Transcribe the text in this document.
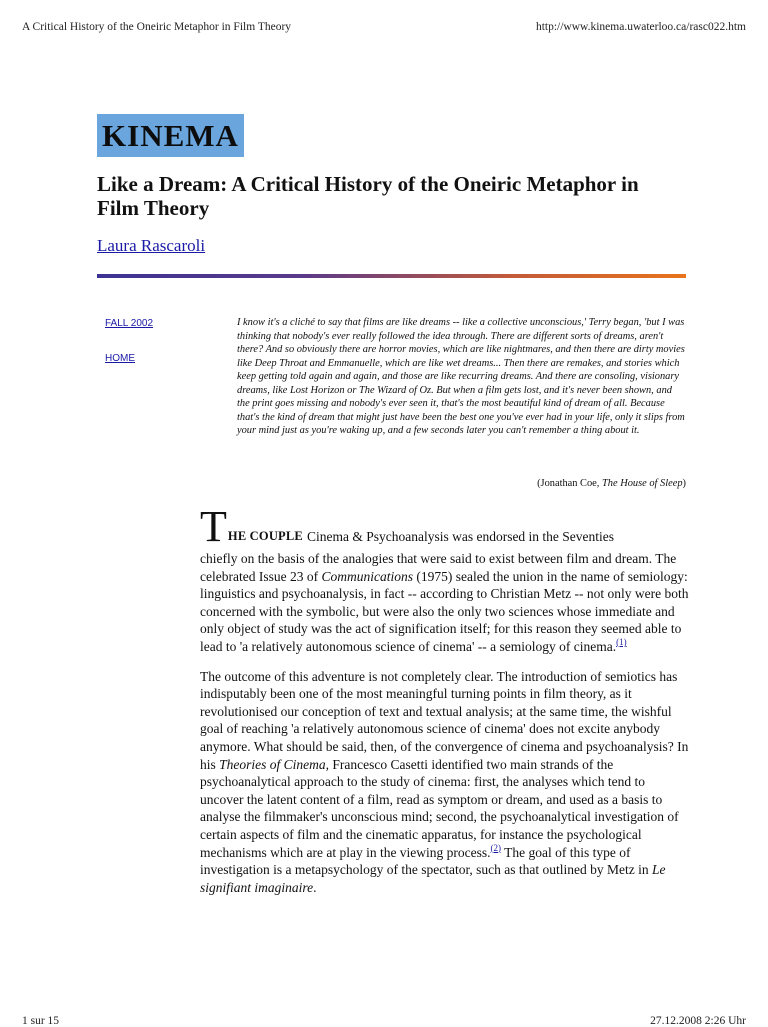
A Critical History of the Oneiric Metaphor in Film Theory	http://www.kinema.uwaterloo.ca/rasc022.htm
KINEMA
Like a Dream: A Critical History of the Oneiric Metaphor in Film Theory
Laura Rascaroli
FALL 2002
HOME

I know it's a cliché to say that films are like dreams -- like a collective unconscious,' Terry began, 'but I was thinking that nobody's ever really followed the idea through. There are different sorts of dreams, aren't there? And so obviously there are horror movies, which are like nightmares, and then there are dirty movies like Deep Throat and Emmanuelle, which are like wet dreams... Then there are remakes, and stories which keep getting told again and again, and those are like recurring dreams. And there are consoling, visionary dreams, like Lost Horizon or The Wizard of Oz. But when a film gets lost, and it's never been shown, and the print goes missing and nobody's ever seen it, that's the most beautiful kind of dream of all. Because that's the kind of dream that might just have been the best one you've ever had in your life, only it slips from your mind just as you're waking up, and a few seconds later you can't remember a thing about it.

(Jonathan Coe, The House of Sleep)
T HE COUPLE Cinema & Psychoanalysis was endorsed in the Seventies

chiefly on the basis of the analogies that were said to exist between film and dream. The celebrated Issue 23 of Communications (1975) sealed the union in the name of semiology: linguistics and psychoanalysis, in fact -- according to Christian Metz -- not only were both concerned with the symbolic, but were also the only two sciences whose immediate and only object of study was the act of signification itself; for this reason they seemed able to lead to 'a relatively autonomous science of cinema' -- a semiology of cinema.$^{(1)}$

The outcome of this adventure is not completely clear. The introduction of semiotics has indisputably been one of the most meaningful turning points in film theory, as it revolutionised our conception of text and textual analysis; at the same time, the wishful goal of reaching 'a relatively autonomous science of cinema' does not excite anybody anymore. What should be said, then, of the convergence of cinema and psychoanalysis? In his Theories of Cinema, Francesco Casetti identified two main strands of the psychoanalytical approach to the study of cinema: first, the analyses which tend to uncover the latent content of a film, read as symptom or dream, and used as a basis to analyse the filmmaker's unconscious mind; second, the psychoanalytical investigation of certain aspects of film and the cinematic apparatus, for instance the psychological mechanisms which are at play in the viewing process.$^{(2)}$ The goal of this type of investigation is a metapsychology of the spectator, such as that outlined by Metz in Le signifiant imaginaire.

1 sur 15	27.12.2008 2:26 Uhr
